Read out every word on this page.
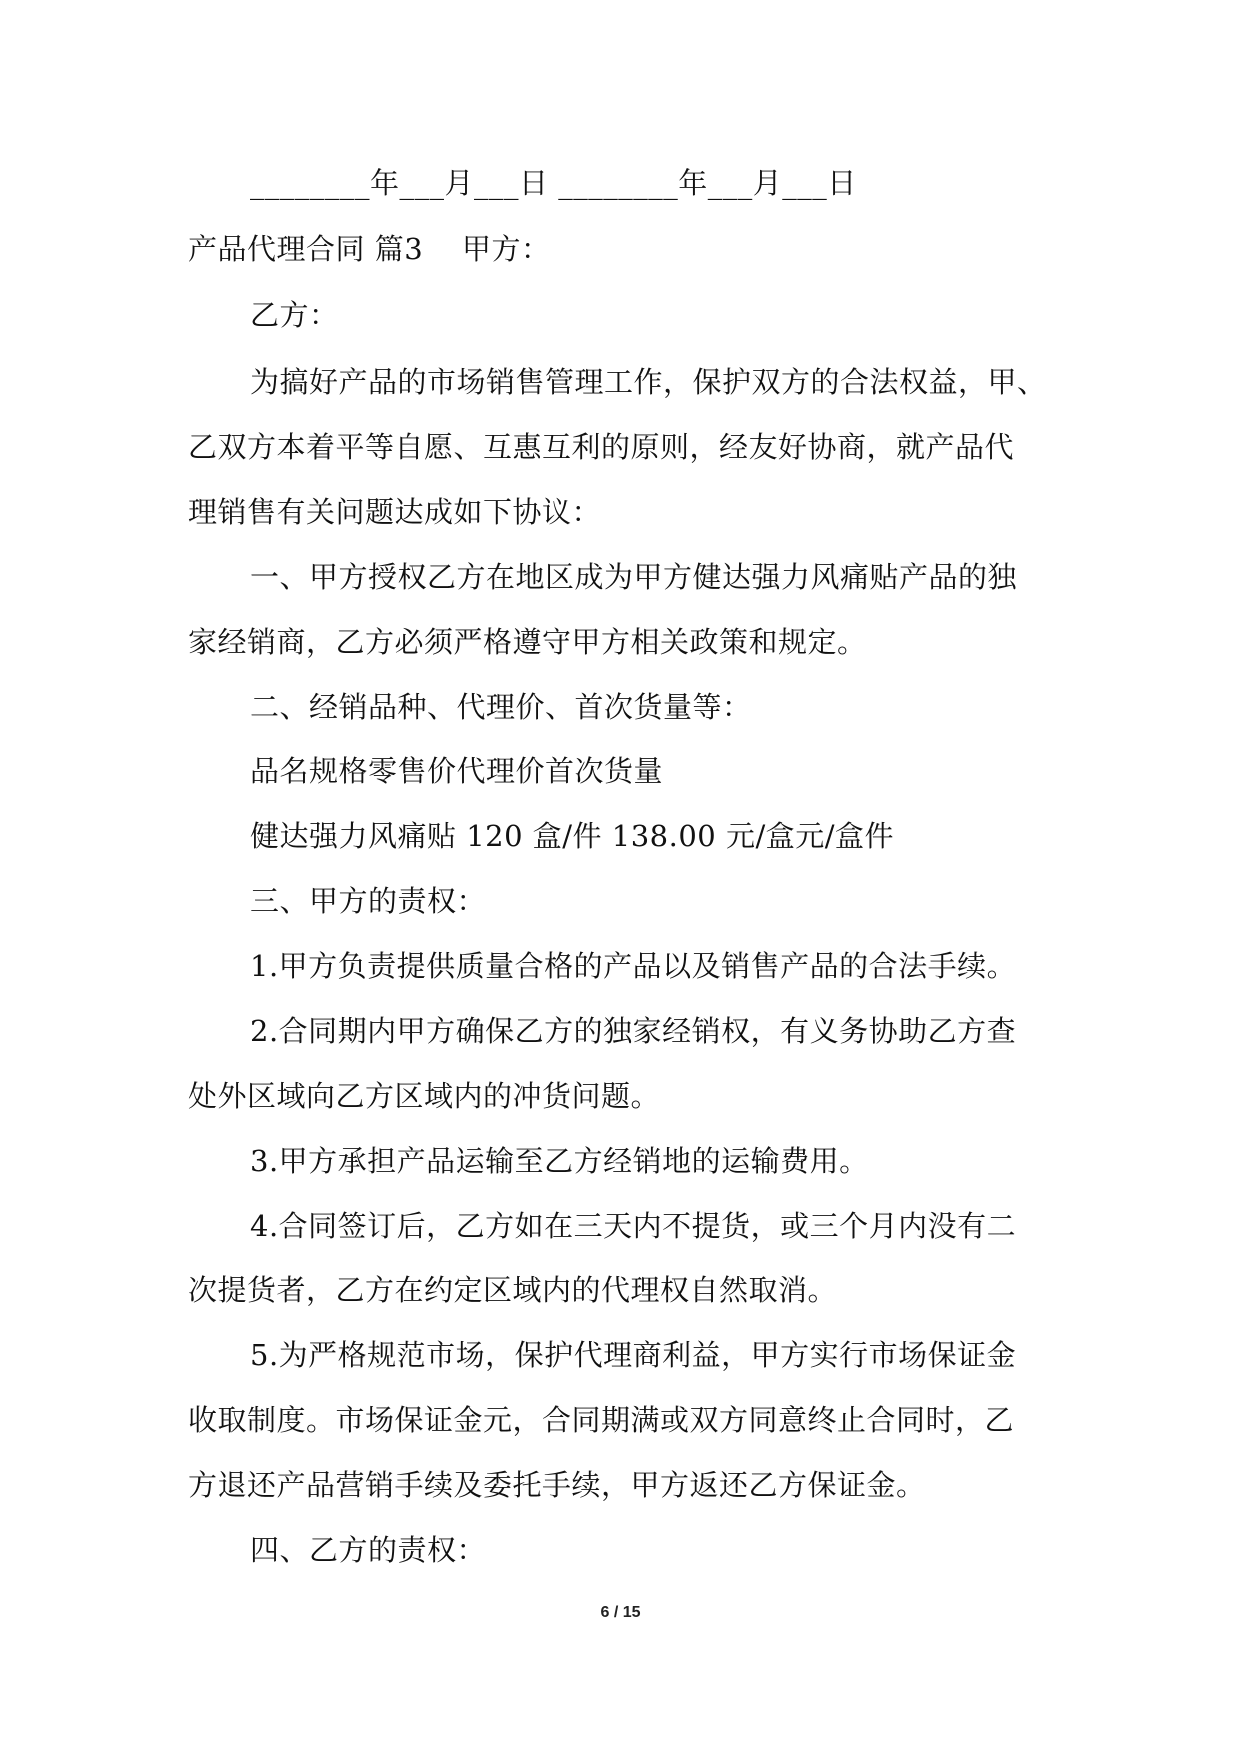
________年___月___日 ________年___月___日
产品代理合同 篇3    甲方：
乙方：
为搞好产品的市场销售管理工作，保护双方的合法权益，甲、
乙双方本着平等自愿、互惠互利的原则，经友好协商，就产品代
理销售有关问题达成如下协议：
一、甲方授权乙方在地区成为甲方健达强力风痛贴产品的独
家经销商，乙方必须严格遵守甲方相关政策和规定。
二、经销品种、代理价、首次货量等：
品名规格零售价代理价首次货量
健达强力风痛贴 120 盒/件 138.00 元/盒元/盒件
三、甲方的责权：
1.甲方负责提供质量合格的产品以及销售产品的合法手续。
2.合同期内甲方确保乙方的独家经销权，有义务协助乙方查
处外区域向乙方区域内的冲货问题。
3.甲方承担产品运输至乙方经销地的运输费用。
4.合同签订后，乙方如在三天内不提货，或三个月内没有二
次提货者，乙方在约定区域内的代理权自然取消。
5.为严格规范市场，保护代理商利益，甲方实行市场保证金
收取制度。市场保证金元，合同期满或双方同意终止合同时，乙
方退还产品营销手续及委托手续，甲方返还乙方保证金。
四、乙方的责权：
6 / 15
